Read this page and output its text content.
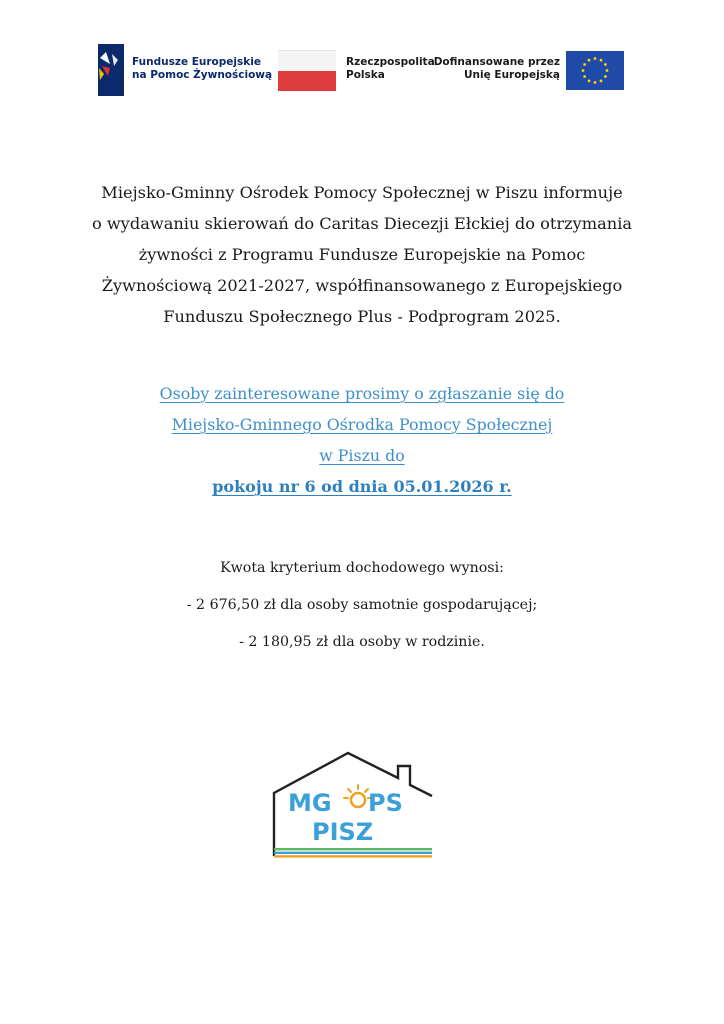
Fundusze Europejskie
na Pomoc Żywnościową
Rzeczpospolita
Polska
Dofinansowane przez
Unię Europejską
Miejsko-Gminny Ośrodek Pomocy Społecznej w Piszu informuje
o wydawaniu skierowań do Caritas Diecezji Ełckiej do otrzymania
żywności z Programu Fundusze Europejskie na Pomoc
Żywnościową 2021-2027, współfinansowanego z Europejskiego
Funduszu Społecznego Plus - Podprogram 2025.
Osoby zainteresowane prosimy o zgłaszanie się do
Miejsko-Gminnego Ośrodka Pomocy Społecznej
w Piszu do
pokoju nr 6 od dnia 05.01.2026 r.
Kwota kryterium dochodowego wynosi:
- 2 676,50 zł dla osoby samotnie gospodarującej;
- 2 180,95 zł dla osoby w rodzinie.
MG PS
PISZ
